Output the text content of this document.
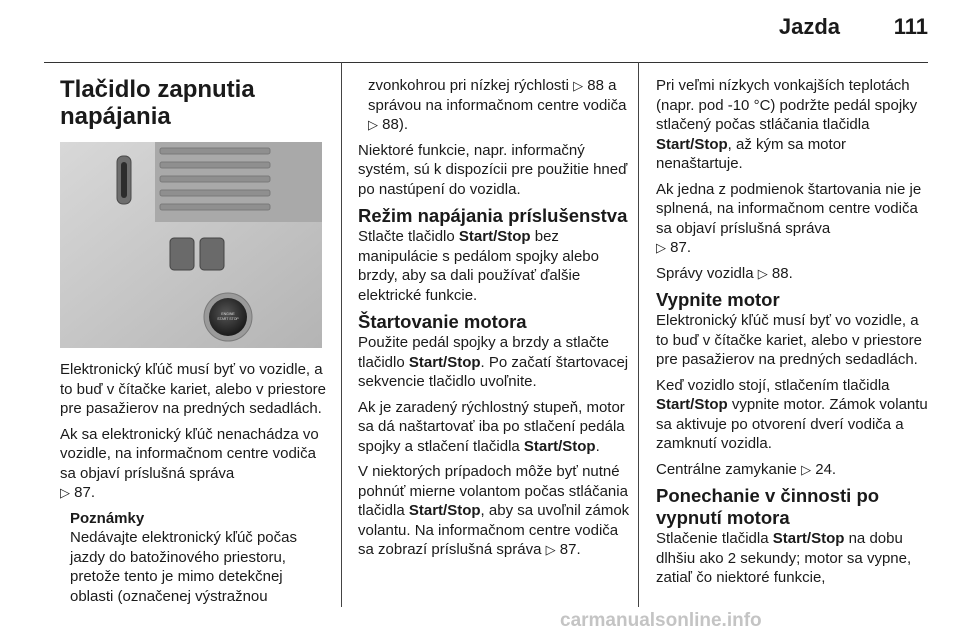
Jazda 111
Tlačidlo zapnutia napájania
ENGINE
START STOP

Elektronický kľúč musí byť vo vozidle, a to buď v čítačke kariet, alebo v priestore pre pasažierov na predných sedadlách.

Ak sa elektronický kľúč nenachádza vo vozidle, na informačnom centre vodiča sa objaví príslušná správa
▷ 87.

Poznámky
Nedávajte elektronický kľúč počas jazdy do batožinového priestoru, pretože tento je mimo detekčnej oblasti (označenej výstražnou
zvonkohrou pri nízkej rýchlosti ▷ 88 a správou na informačnom centre vodiča ▷ 88).

Niektoré funkcie, napr. informačný systém, sú k dispozícii pre použitie hneď po nastúpení do vozidla.

Režim napájania príslušenstva

Stlačte tlačidlo Start/Stop bez manipulácie s pedálom spojky alebo brzdy, aby sa dali používať ďalšie elektrické funkcie.

Štartovanie motora

Použite pedál spojky a brzdy a stlačte tlačidlo Start/Stop. Po začatí štartovacej sekvencie tlačidlo uvoľnite.

Ak je zaradený rýchlostný stupeň, motor sa dá naštartovať iba po stlačení pedála spojky a stlačení tlačidla Start/Stop.

V niektorých prípadoch môže byť nutné pohnúť mierne volantom počas stláčania tlačidla Start/Stop, aby sa uvoľnil zámok volantu. Na informačnom centre vodiča sa zobrazí príslušná správa ▷ 87.

Pri veľmi nízkych vonkajších teplotách (napr. pod -10 °C) podržte pedál spojky stlačený počas stláčania tlačidla Start/Stop, až kým sa motor nenaštartuje.

Ak jedna z podmienok štartovania nie je splnená, na informačnom centre vodiča sa objaví príslušná správa
▷ 87.

Správy vozidla ▷ 88.

Vypnite motor

Elektronický kľúč musí byť vo vozidle, a to buď v čítačke kariet, alebo v priestore pre pasažierov na predných sedadlách.

Keď vozidlo stojí, stlačením tlačidla
Start/Stop vypnite motor. Zámok volantu sa aktivuje po otvorení dverí vodiča a zamknutí vozidla.

Centrálne zamykanie ▷ 24.

Ponechanie v činnosti po vypnutí motora

Stlačenie tlačidla Start/Stop na dobu dlhšiu ako 2 sekundy; motor sa vypne, zatiaľ čo niektoré funkcie,

carmanualsonline.info
